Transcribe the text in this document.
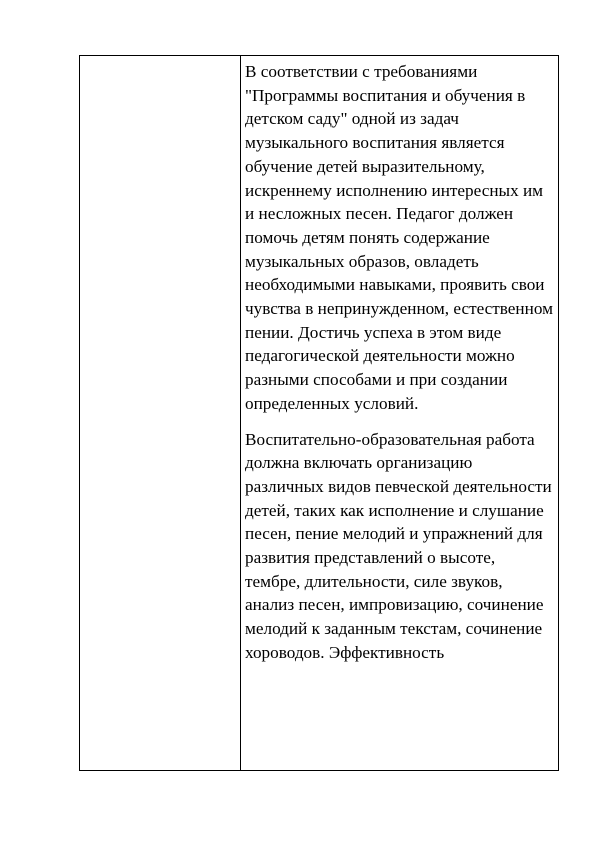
В соответствии с требованиями "Программы воспитания и обучения в детском саду" одной из задач музыкального воспитания является обучение детей выразительному, искреннему исполнению интересных им и несложных песен. Педагог должен помочь детям понять содержание музыкальных образов, овладеть необходимыми навыками, проявить свои чувства в непринужденном, естественном пении. Достичь успеха в этом виде педагогической деятельности можно разными способами и при создании определенных условий.

Воспитательно-образовательная работа должна включать организацию различных видов певческой деятельности детей, таких как исполнение и слушание песен, пение мелодий и упражнений для развития представлений о высоте, тембре, длительности, силе звуков, анализ песен, импровизацию, сочинение мелодий к заданным текстам, сочинение хороводов. Эффективность
